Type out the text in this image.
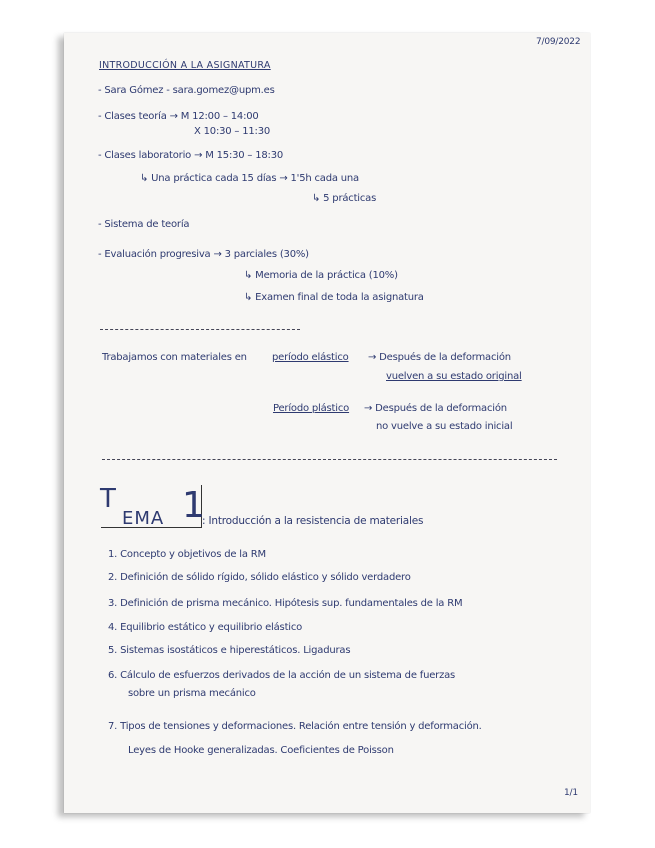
7/09/2022
INTRODUCCIÓN A LA ASIGNATURA
- Sara Gómez - sara.gomez@upm.es
- Clases teoría → M 12:00 – 14:00
X 10:30 – 11:30
- Clases laboratorio → M 15:30 – 18:30
↳ Una práctica cada 15 días → 1'5h cada una
↳ 5 prácticas
- Sistema de teoría
- Evaluación progresiva → 3 parciales (30%)
↳ Memoria de la práctica (10%)
↳ Examen final de toda la asignatura
Trabajamos con materiales en	período elástico → Después de la deformación
vuelven a su estado original
Período plástico → Después de la deformación
no vuelve a su estado inicial
T
EMA 1
: Introducción a la resistencia de materiales
1. Concepto y objetivos de la RM
2. Definición de sólido rígido, sólido elástico y sólido verdadero
3. Definición de prisma mecánico. Hipótesis sup. fundamentales de la RM
4. Equilibrio estático y equilibrio elástico
5. Sistemas isostáticos e hiperestáticos. Ligaduras
6. Cálculo de esfuerzos derivados de la acción de un sistema de fuerzas
sobre un prisma mecánico
7. Tipos de tensiones y deformaciones. Relación entre tensión y deformación.
Leyes de Hooke generalizadas. Coeficientes de Poisson
1/1
